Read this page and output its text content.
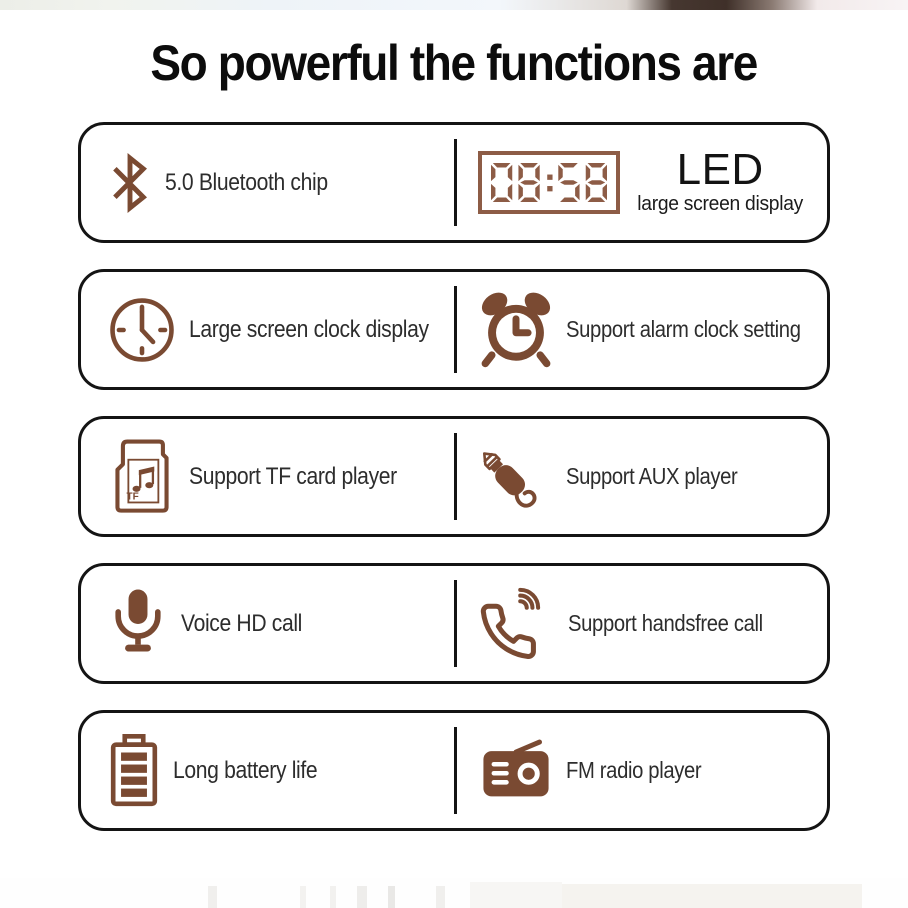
So powerful the functions are
5.0 Bluetooth chip	LED
large screen display
Large screen clock display	Support alarm clock setting
TF
Support TF card player	Support AUX player
Voice HD call	Support handsfree call
Long battery life	FM radio player
